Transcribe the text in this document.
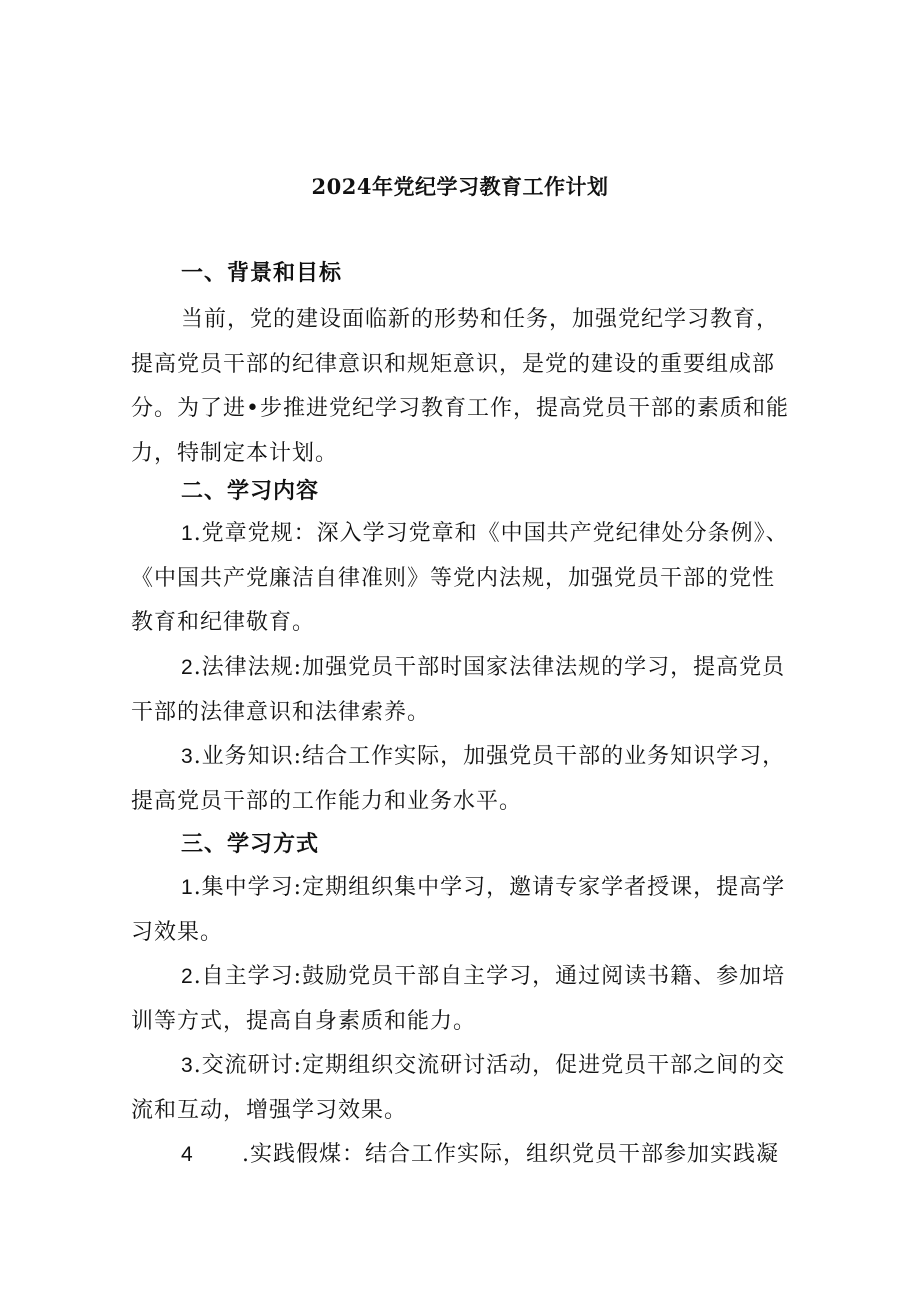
2024年党纪学习教育工作计划
一、背景和目标
当前，党的建设面临新的形势和任务，加强党纪学习教育，提高党员干部的纪律意识和规矩意识，是党的建设的重要组成部分。为了进•步推进党纪学习教育工作，提高党员干部的素质和能力，特制定本计划。
二、学习内容
1.党章党规：深入学习党章和《中国共产党纪律处分条例》、《中国共产党廉洁自律准则》等党内法规，加强党员干部的党性教育和纪律敬育。
2.法律法规:加强党员干部时国家法律法规的学习，提高党员干部的法律意识和法律索养。
3.业务知识:结合工作实际，加强党员干部的业务知识学习，提高党员干部的工作能力和业务水平。
三、学习方式
1.集中学习:定期组织集中学习，邀请专家学者授课，提高学习效果。
2.自主学习:鼓励党员干部自主学习，通过阅读书籍、参加培训等方式，提高自身素质和能力。
3.交流研讨:定期组织交流研讨活动，促进党员干部之间的交流和互动，增强学习效果。
4 .实践假煤：结合工作实际，组织党员干部参加实践凝
